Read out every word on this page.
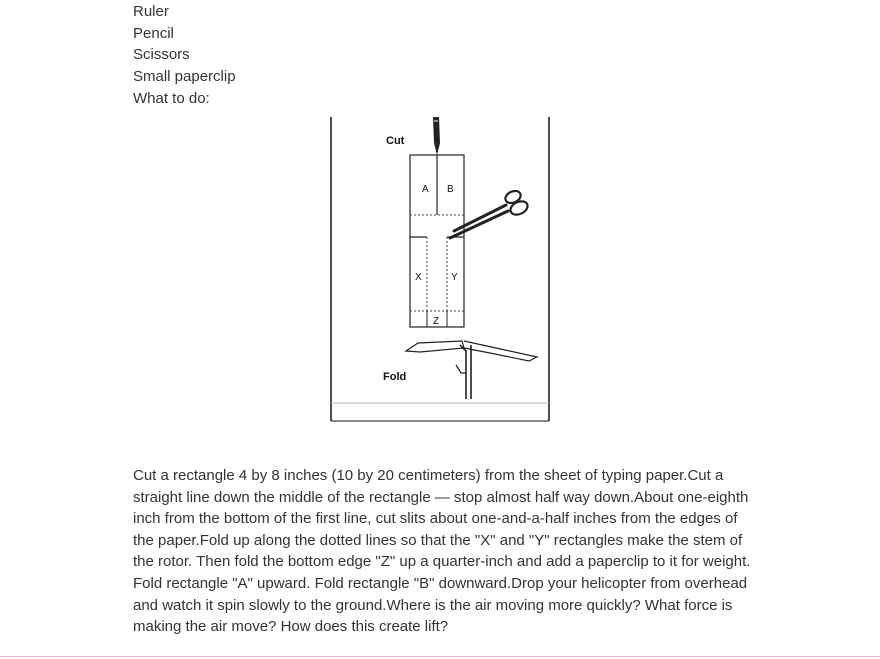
Ruler
Pencil
Scissors
Small paperclip

What to do:

Cut
Fold
A B
X	Y
Z

Cut a rectangle 4 by 8 inches (10 by 20 centimeters) from the sheet of typing paper.Cut a straight line down the middle of the rectangle — stop almost half way down.About one-eighth inch from the bottom of the first line, cut slits about one-and-a-half inches from the edges of the paper.Fold up along the dotted lines so that the "X" and "Y" rectangles make the stem of the rotor. Then fold the bottom edge "Z" up a quarter-inch and add a paperclip to it for weight. Fold rectangle "A" upward. Fold rectangle "B" downward.Drop your helicopter from overhead and watch it spin slowly to the ground.Where is the air moving more quickly? What force is making the air move? How does this create lift?
